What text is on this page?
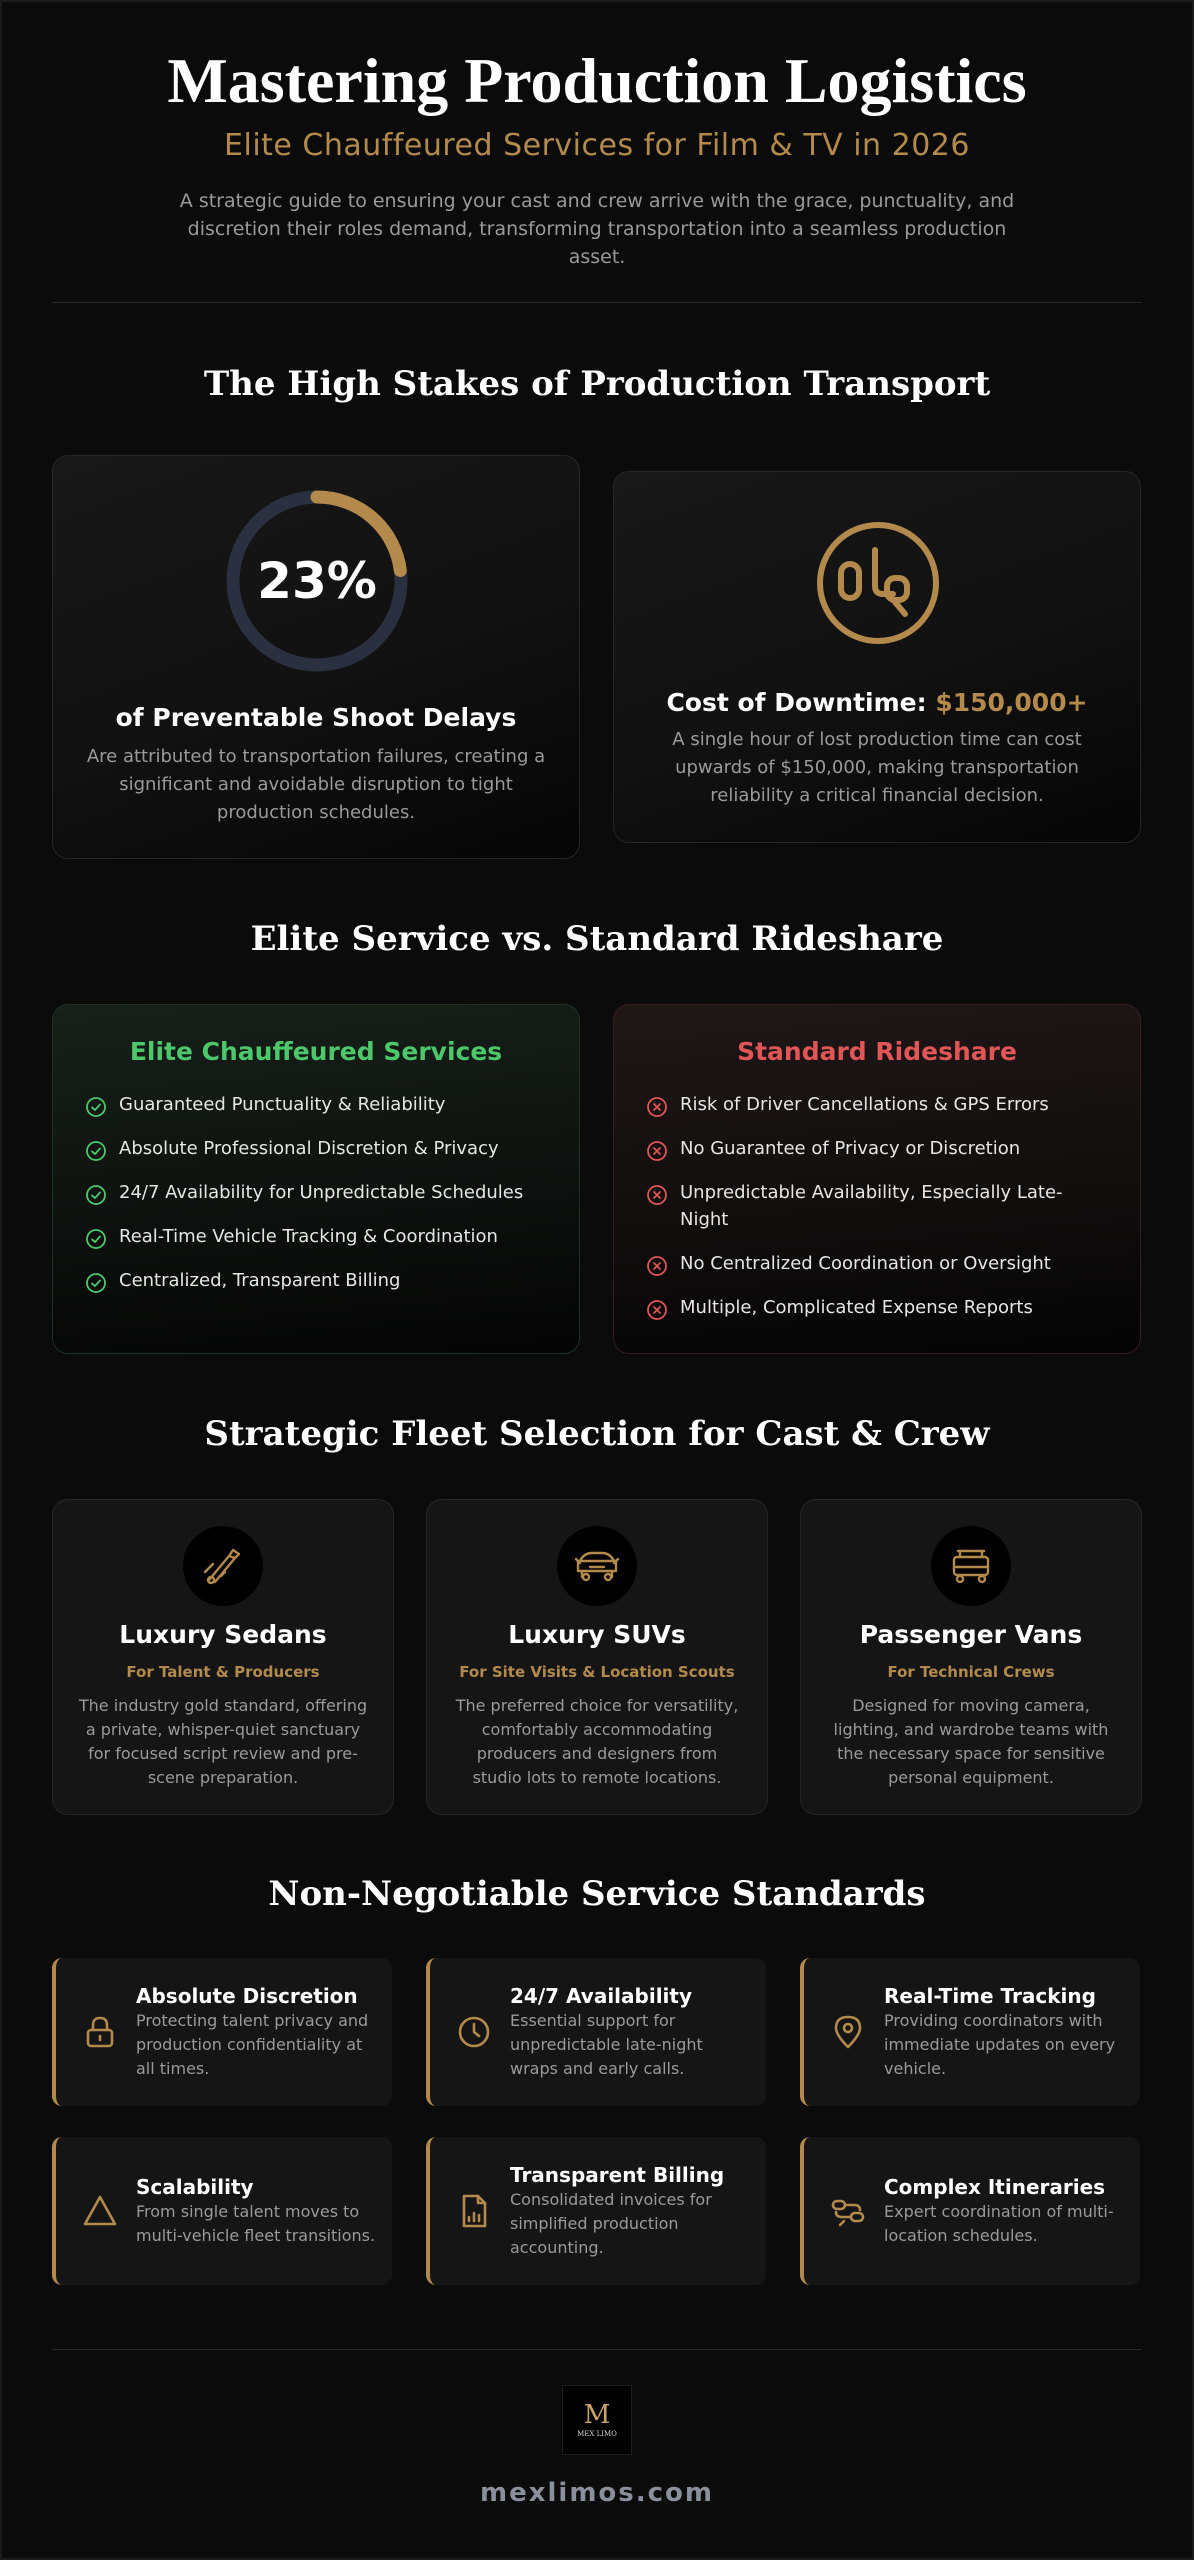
Mastering Production Logistics
Elite Chauffeured Services for Film & TV in 2026

A strategic guide to ensuring your cast and crew arrive with the grace, punctuality, and discretion their roles demand, transforming transportation into a seamless production asset.

The High Stakes of Production Transport
23%
of Preventable Shoot Delays

Are attributed to transportation failures, creating a significant and avoidable disruption to tight production schedules.

Cost of Downtime: $150,000+

A single hour of lost production time can cost upwards of $150,000, making transportation reliability a critical financial decision.

Elite Service vs. Standard Rideshare
Elite Chauffeured Services
Guaranteed Punctuality & Reliability
Absolute Professional Discretion & Privacy
24/7 Availability for Unpredictable Schedules
Real-Time Vehicle Tracking & Coordination
Centralized, Transparent Billing
Standard Rideshare
Risk of Driver Cancellations & GPS Errors
No Guarantee of Privacy or Discretion
Unpredictable Availability, Especially Late-Night
No Centralized Coordination or Oversight
Multiple, Complicated Expense Reports
Strategic Fleet Selection for Cast & Crew
Luxury Sedans
For Talent & Producers

The industry gold standard, offering a private, whisper-quiet sanctuary for focused script review and pre-scene preparation.

Luxury SUVs
For Site Visits & Location Scouts

The preferred choice for versatility, comfortably accommodating producers and designers from studio lots to remote locations.

Passenger Vans
For Technical Crews

Designed for moving camera, lighting, and wardrobe teams with the necessary space for sensitive personal equipment.

Non-Negotiable Service Standards
Absolute Discretion
Protecting talent privacy and production confidentiality at all times.
24/7 Availability
Essential support for unpredictable late-night wraps and early calls.
Real-Time Tracking
Providing coordinators with immediate updates on every vehicle.
Scalability
From single talent moves to multi-vehicle fleet transitions.
Transparent Billing
Consolidated invoices for simplified production accounting.
Complex Itineraries
Expert coordination of multi-location schedules.
M
MEX LIMO
mexlimos.com
